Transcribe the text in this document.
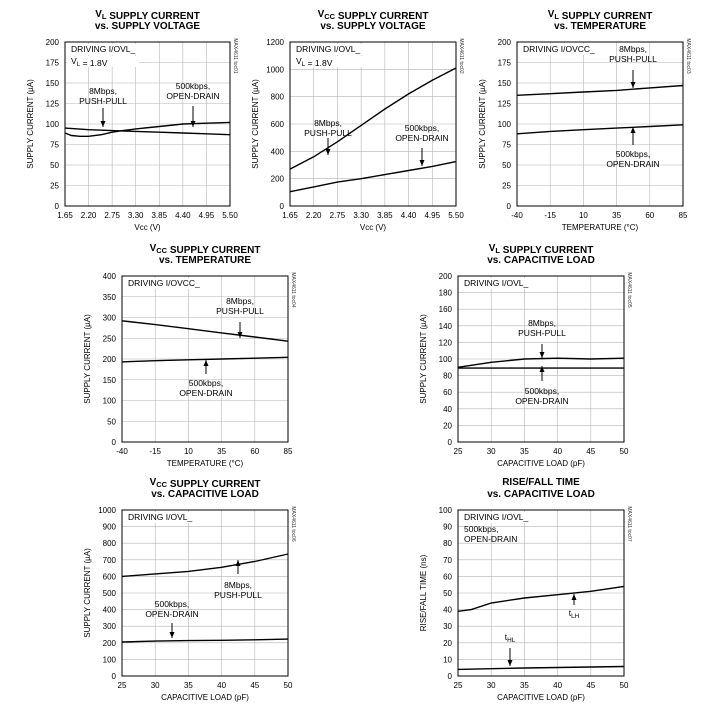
$V_L$ SUPPLY CURRENT
vs. SUPPLY VOLTAGE
1.65 2.20 2.75 3.30 3.85 4.40 4.95 5.50
0
25
50
75
100
125
150
175
200
Vcc (V)
SUPPLY CURRENT (µA)
MAX4611 toc01
DRIVING I/OVL_
$V_L = 1.8V$
8Mbps,
PUSH-PULL
500kbps,
OPEN-DRAIN
$V_{CC}$ SUPPLY CURRENT
vs. SUPPLY VOLTAGE
1.65 2.20 2.75 3.30 3.85 4.40 4.95 5.50
0
200
400
600
800
1000
1200
Vcc (V)
SUPPLY CURRENT (µA)
MAX4611 toc02
DRIVING I/OVL_
$V_L = 1.8V$
8Mbps,
PUSH-PULL	500kbps,
OPEN-DRAIN
$V_L$ SUPPLY CURRENT
vs. TEMPERATURE
-40	-15	10	35	60	85
0
25
50
75
100
125
150
175
200
TEMPERATURE (°C)
SUPPLY CURRENT (µA)
MAX4611 toc03
DRIVING I/OVCC_	8Mbps,
PUSH-PULL
500kbps,
OPEN-DRAIN
$V_{CC}$ SUPPLY CURRENT
vs. TEMPERATURE
-40	-15	10	35	60	85
0
50
100
150
200
250
300
350
400
TEMPERATURE (°C)
SUPPLY CURRENT (µA)
MAX4611 toc04
DRIVING I/OVCC_
8Mbps,
PUSH-PULL
500kbps,
OPEN-DRAIN
$V_L$ SUPPLY CURRENT
vs. CAPACITIVE LOAD
25	30	35	40	45	50
0
20
40
60
80
100
120
140
160
180
200
CAPACITIVE LOAD (pF)
SUPPLY CURRENT (µA)
MAX4611 toc05
DRIVING I/OVL_
8Mbps,
PUSH-PULL
500kbps,
OPEN-DRAIN
$V_{CC}$ SUPPLY CURRENT
vs. CAPACITIVE LOAD
25	30	35	40	45	50
0
100
200
300
400
500
600
700
800
900
1000
CAPACITIVE LOAD (pF)
SUPPLY CURRENT (µA)
MAX4611 toc06
DRIVING I/OVL_
500kbps,
OPEN-DRAIN
8Mbps,
PUSH-PULL
RISE/FALL TIME
vs. CAPACITIVE LOAD
25	30	35	40	45	50
0
10
20
30
40
50
60
70
80
90
100
CAPACITIVE LOAD (pF)
RISE/FALL TIME (ns)
MAX4611 toc07
DRIVING I/OVL_
500kbps,
OPEN-DRAIN
$t_{LH}$
$t_{HL}$
